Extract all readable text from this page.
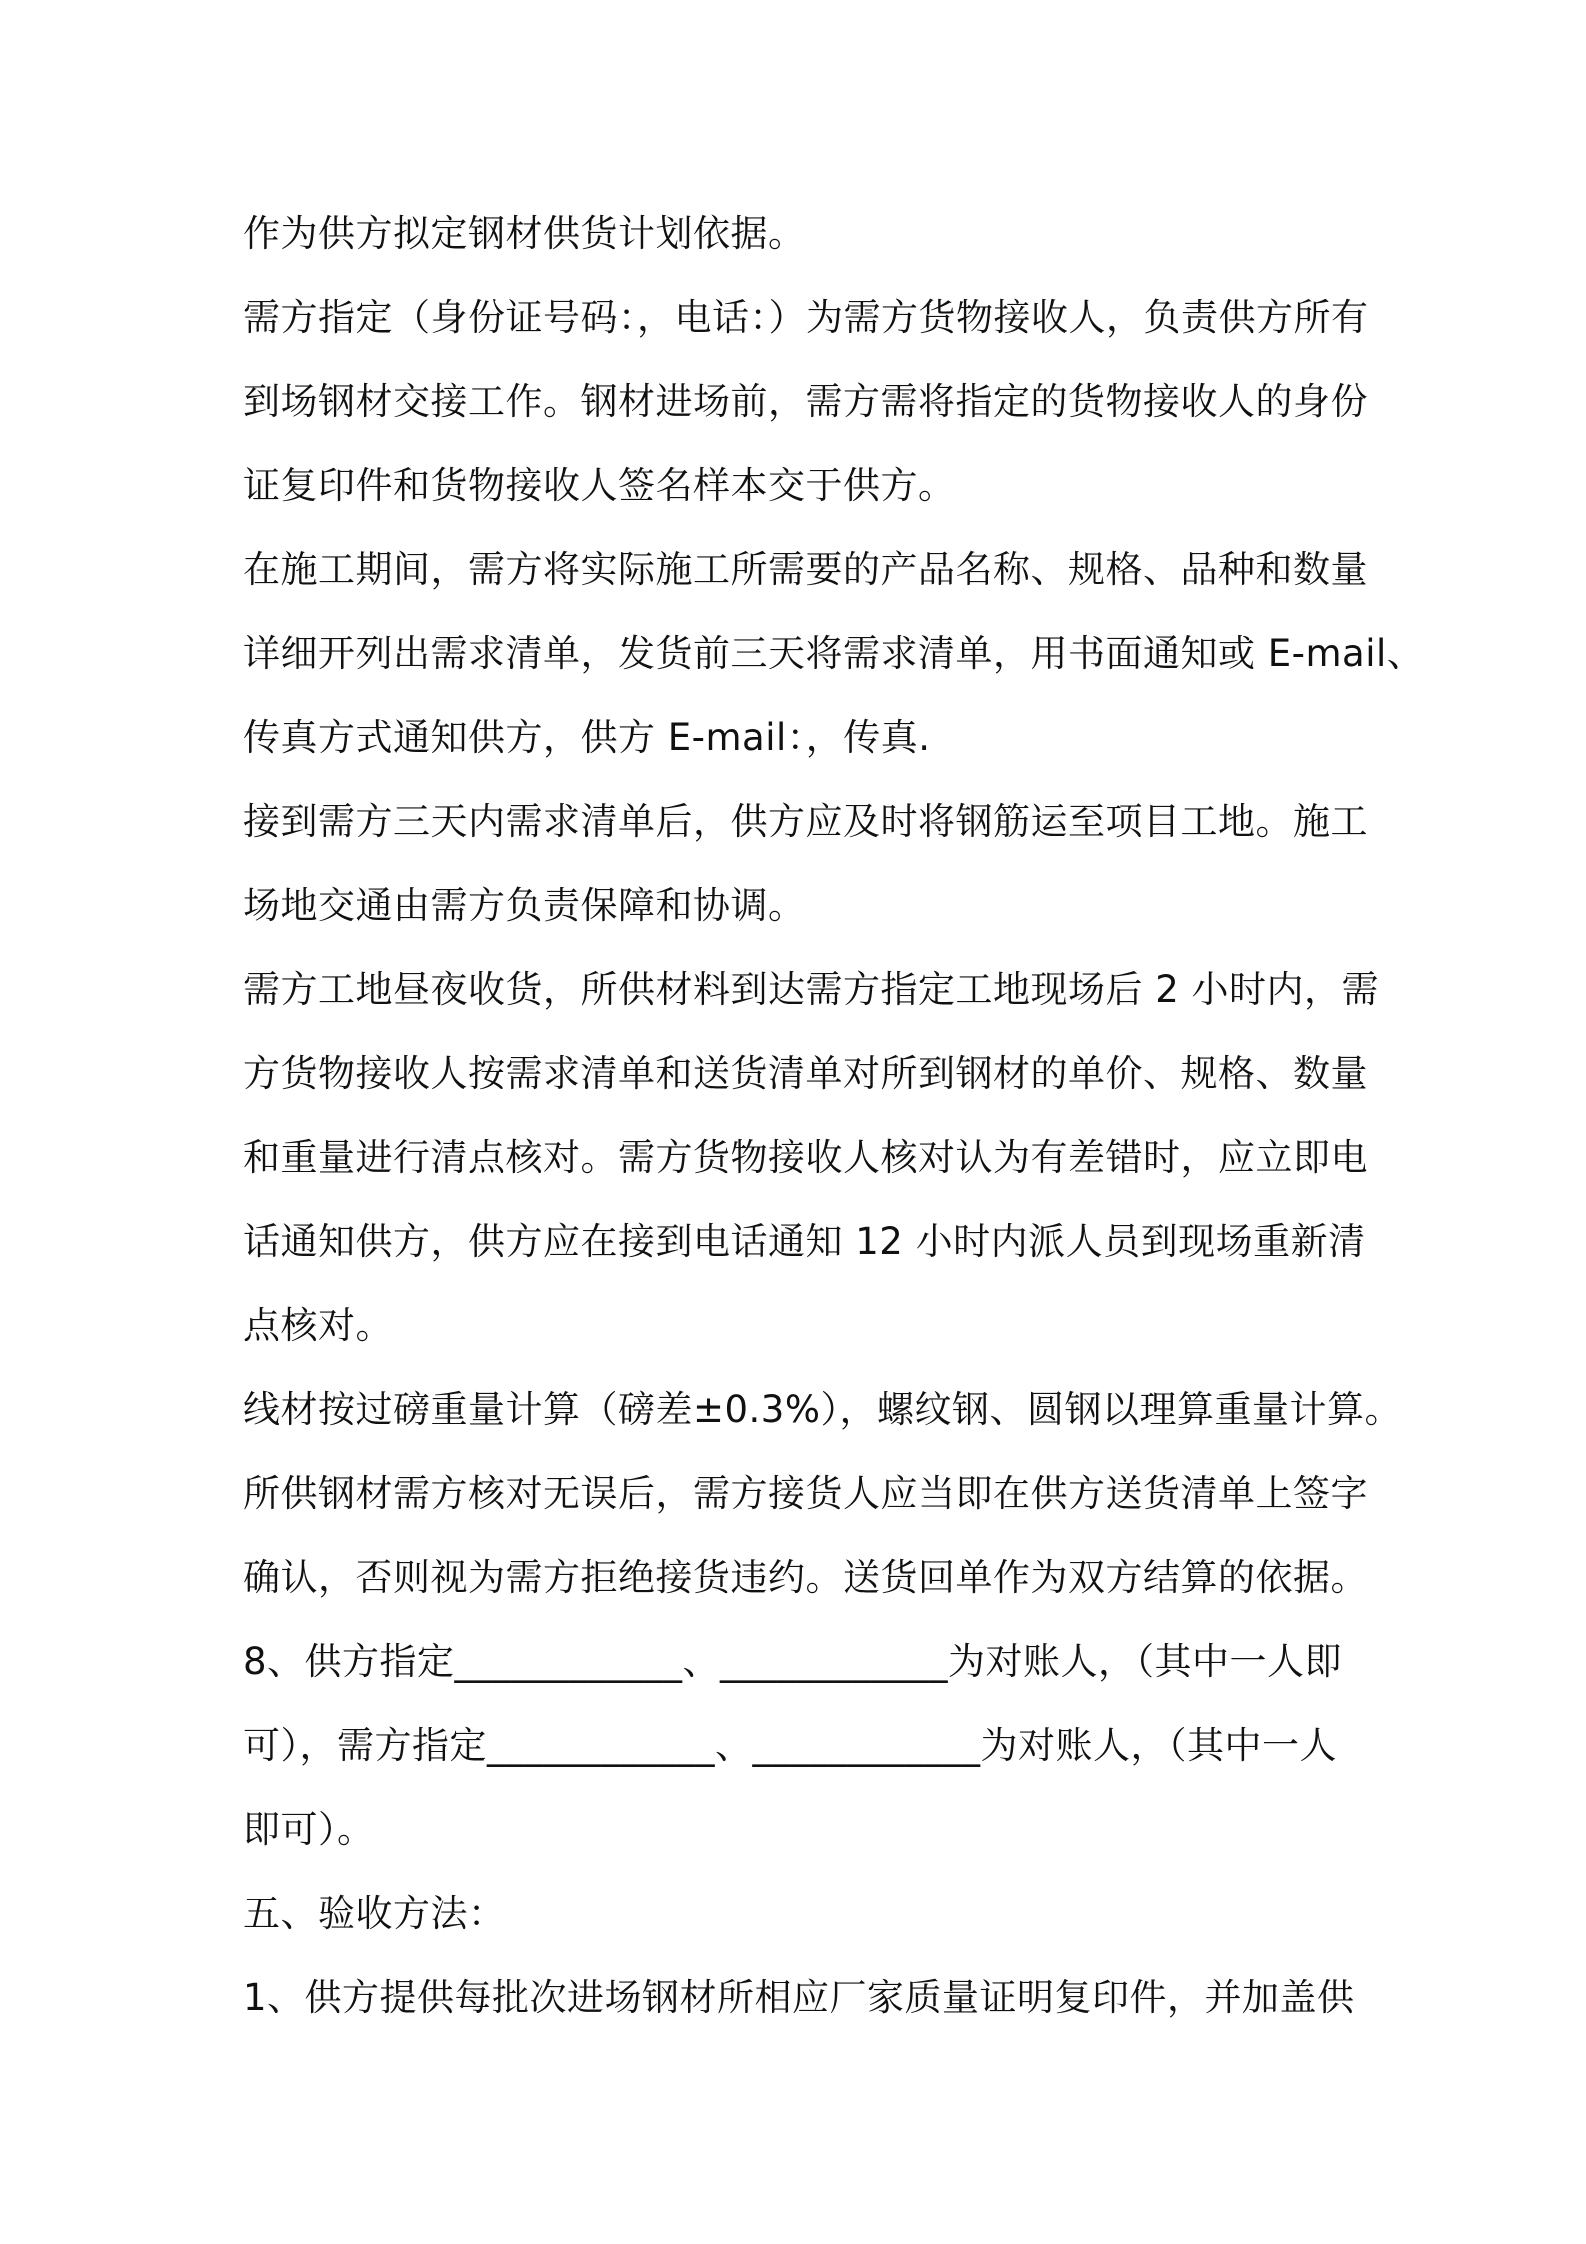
作为供方拟定钢材供货计划依据。
需方指定（身份证号码：，电话：）为需方货物接收人，负责供方所有
到场钢材交接工作。钢材进场前，需方需将指定的货物接收人的身份
证复印件和货物接收人签名样本交于供方。
在施工期间，需方将实际施工所需要的产品名称、规格、品种和数量
详细开列出需求清单，发货前三天将需求清单，用书面通知或 E-mail、
传真方式通知供方，供方 E-mail：，传真.
接到需方三天内需求清单后，供方应及时将钢筋运至项目工地。施工
场地交通由需方负责保障和协调。
需方工地昼夜收货，所供材料到达需方指定工地现场后 2 小时内，需
方货物接收人按需求清单和送货清单对所到钢材的单价、规格、数量
和重量进行清点核对。需方货物接收人核对认为有差错时，应立即电
话通知供方，供方应在接到电话通知 12 小时内派人员到现场重新清
点核对。
线材按过磅重量计算（磅差±0.3%），螺纹钢、圆钢以理算重量计算。
所供钢材需方核对无误后，需方接货人应当即在供方送货清单上签字
确认，否则视为需方拒绝接货违约。送货回单作为双方结算的依据。
8、供方指定____________、____________为对账人，（其中一人即
可），需方指定____________、____________为对账人，（其中一人
即可）。
五、验收方法：
1、供方提供每批次进场钢材所相应厂家质量证明复印件，并加盖供
